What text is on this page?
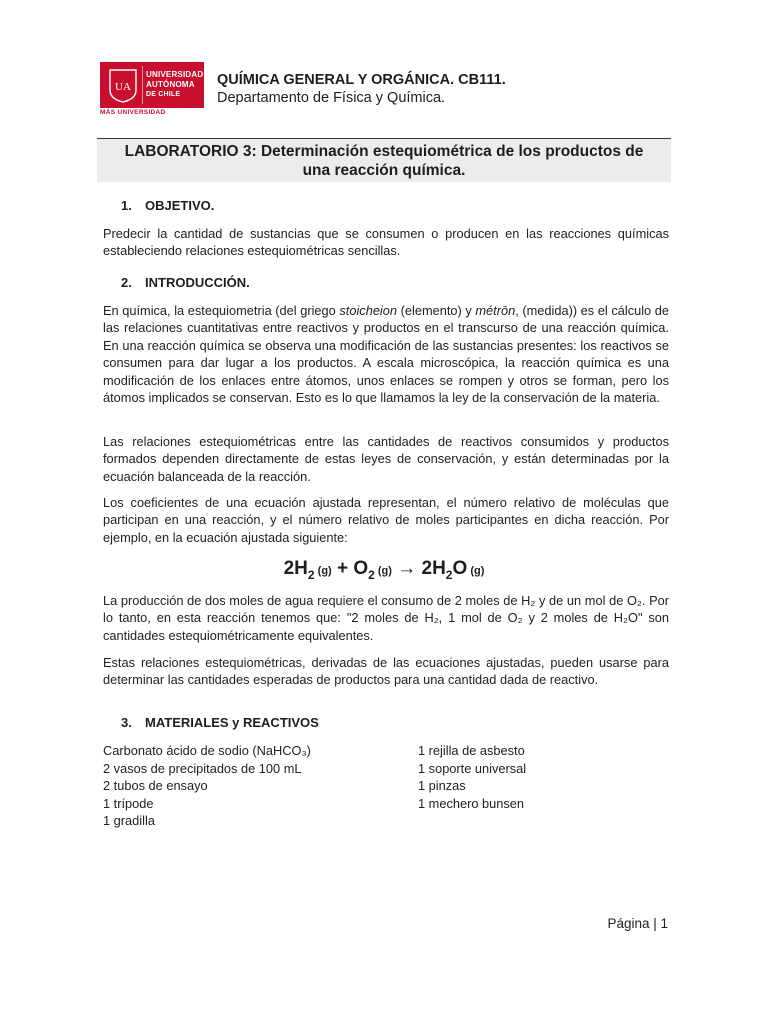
UA
UNIVERSIDAD
AUTÓNOMA
DE CHILE
MÁS UNIVERSIDAD
QUÍMICA GENERAL Y ORGÁNICA. CB111.
Departamento de Física y Química.
LABORATORIO 3: Determinación estequiométrica de los productos de
una reacción química.
1. OBJETIVO.
Predecir la cantidad de sustancias que se consumen o producen en las reacciones químicas estableciendo relaciones estequiométricas sencillas.
2. INTRODUCCIÓN.
En química, la estequiometria (del griego stoicheion (elemento) y métrōn, (medida)) es el cálculo de las relaciones cuantitativas entre reactivos y productos en el transcurso de una reacción química. En una reacción química se observa una modificación de las sustancias presentes: los reactivos se consumen para dar lugar a los productos. A escala microscópica, la reacción química es una modificación de los enlaces entre átomos, unos enlaces se rompen y otros se forman, pero los átomos implicados se conservan. Esto es lo que llamamos la ley de la conservación de la materia.
Las relaciones estequiométricas entre las cantidades de reactivos consumidos y productos formados dependen directamente de estas leyes de conservación, y están determinadas por la ecuación balanceada de la reacción.
Los coeficientes de una ecuación ajustada representan, el número relativo de moléculas que participan en una reacción, y el número relativo de moles participantes en dicha reacción. Por ejemplo, en la ecuación ajustada siguiente:
$2H_2$ $(g) + O_2$ $(g) \to 2H_2O$ (g)
La producción de dos moles de agua requiere el consumo de 2 moles de H₂ y de un mol de O₂. Por lo tanto, en esta reacción tenemos que: "2 moles de H₂, 1 mol de O₂ y 2 moles de H₂O" son cantidades estequiométricamente equivalentes.
Estas relaciones estequiométricas, derivadas de las ecuaciones ajustadas, pueden usarse para determinar las cantidades esperadas de productos para una cantidad dada de reactivo.
3. MATERIALES y REACTIVOS
Carbonato ácido de sodio (NaHCO₃)
2 vasos de precipitados de 100 mL
2 tubos de ensayo
1 trípode
1 gradilla
1 rejilla de asbesto
1 soporte universal
1 pinzas
1 mechero bunsen
Página | 1
